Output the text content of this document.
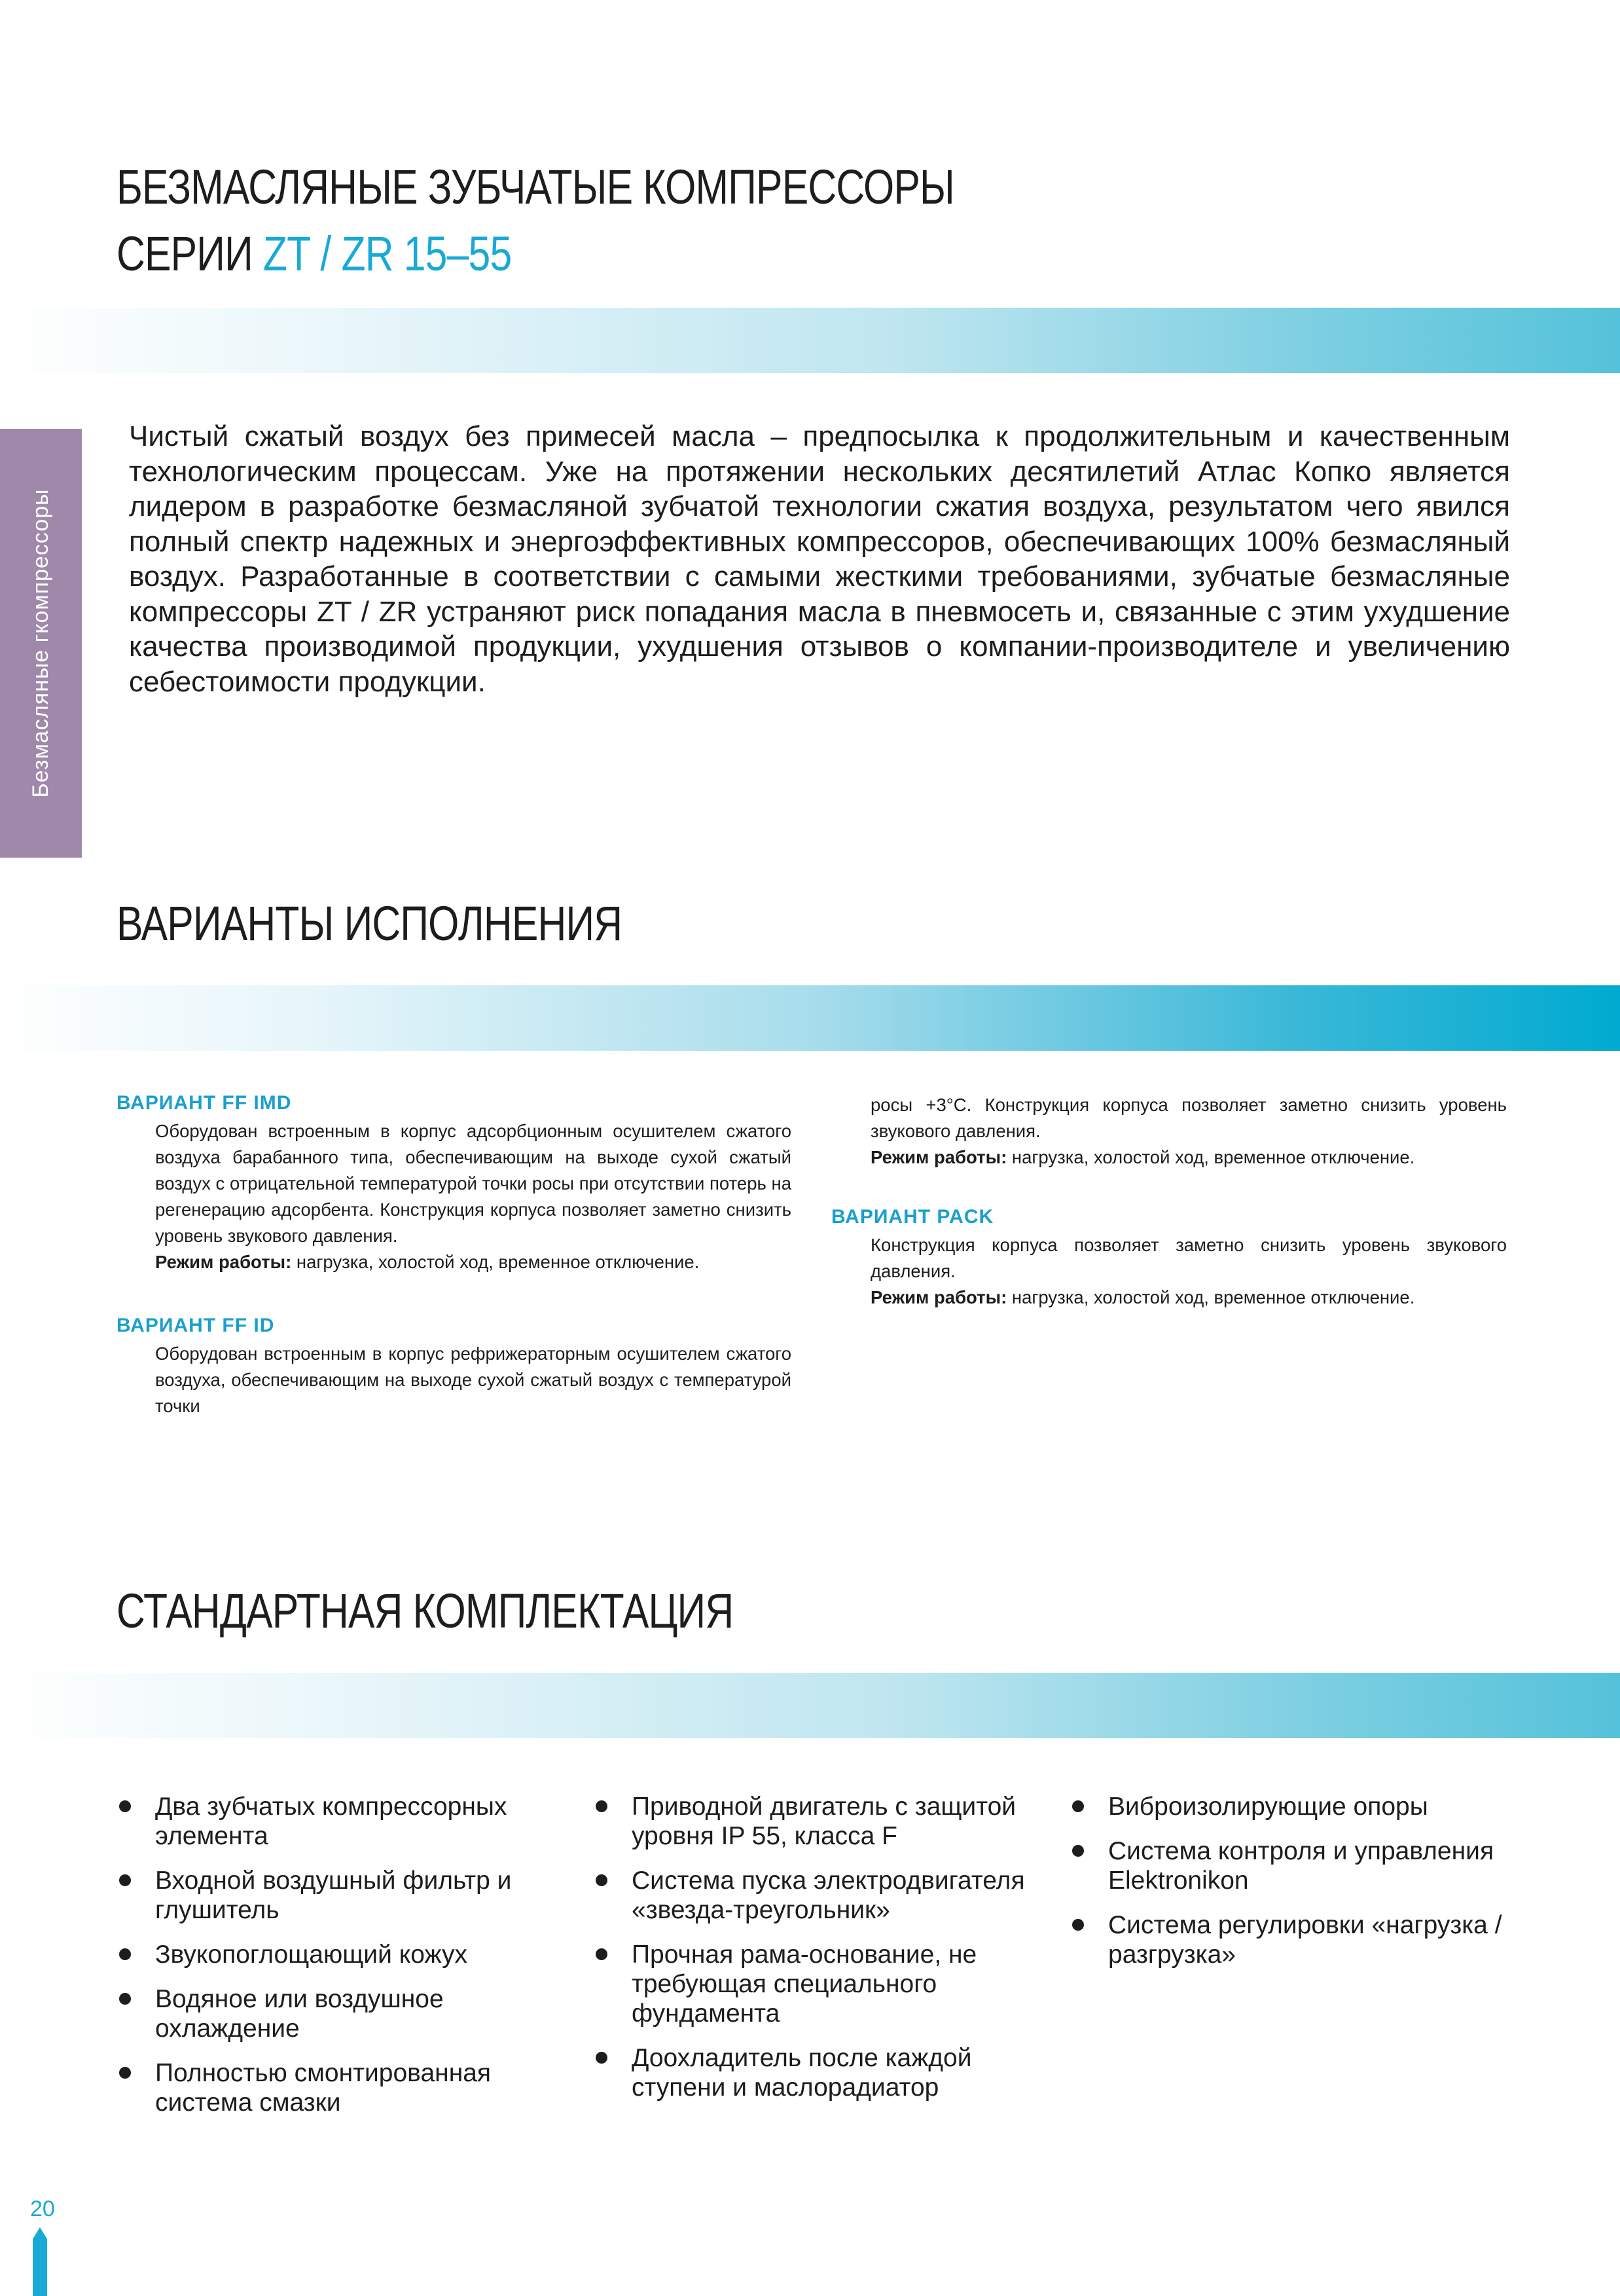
БЕЗМАСЛЯНЫЕ ЗУБЧАТЫЕ КОМПРЕССОРЫ
СЕРИИ ZT / ZR 15–55
Безмасляные гкомпрессоры
Чистый сжатый воздух без примесей масла – предпосылка к продолжительным и качественным технологическим процессам. Уже на протяжении нескольких десятилетий Атлас Копко является лидером в разработке безмасляной зубчатой технологии сжатия воздуха, результатом чего явился полный спектр надежных и энергоэффективных компрессоров, обеспечивающих 100% безмасляный воздух. Разработанные в соответствии с самыми жесткими требованиями, зубчатые безмасляные компрессоры ZT / ZR устраняют риск попадания масла в пневмосеть и, связанные с этим ухудшение качества производимой продукции, ухудшения отзывов о компании-производителе и увеличению себестоимости продукции.
ВАРИАНТЫ ИСПОЛНЕНИЯ
ВАРИАНТ FF IMD
Оборудован встроенным в корпус адсорбционным осушителем сжатого воздуха барабанного типа, обеспечивающим на выходе сухой сжатый воздух с отрицательной температурой точки росы при отсутствии потерь на регенерацию адсорбента. Конструкция корпуса позволяет заметно снизить уровень звукового давления.
Режим работы: нагрузка, холостой ход, временное отключение.
ВАРИАНТ FF ID
Оборудован встроенным в корпус рефрижераторным осушителем сжатого воздуха, обеспечивающим на выходе сухой сжатый воздух с температурой точки
росы +3°С. Конструкция корпуса позволяет заметно снизить уровень звукового давления.
Режим работы: нагрузка, холостой ход, временное отключение.
ВАРИАНТ PACK
Конструкция корпуса позволяет заметно снизить уровень звукового давления.
Режим работы: нагрузка, холостой ход, временное отключение.
СТАНДАРТНАЯ КОМПЛЕКТАЦИЯ
Два зубчатых компрессорных элемента
Входной воздушный фильтр и глушитель
Звукопоглощающий кожух
Водяное или воздушное охлаждение
Полностью смонтированная система смазки
Приводной двигатель с защитой уровня IP 55, класса F
Система пуска электродвигателя «звезда-треугольник»
Прочная рама-основание, не требующая специального фундамента
Доохладитель после каждой ступени и маслорадиатор
Виброизолирующие опоры
Система контроля и управления Elektronikon
Система регулировки «нагрузка / разгрузка»
20
